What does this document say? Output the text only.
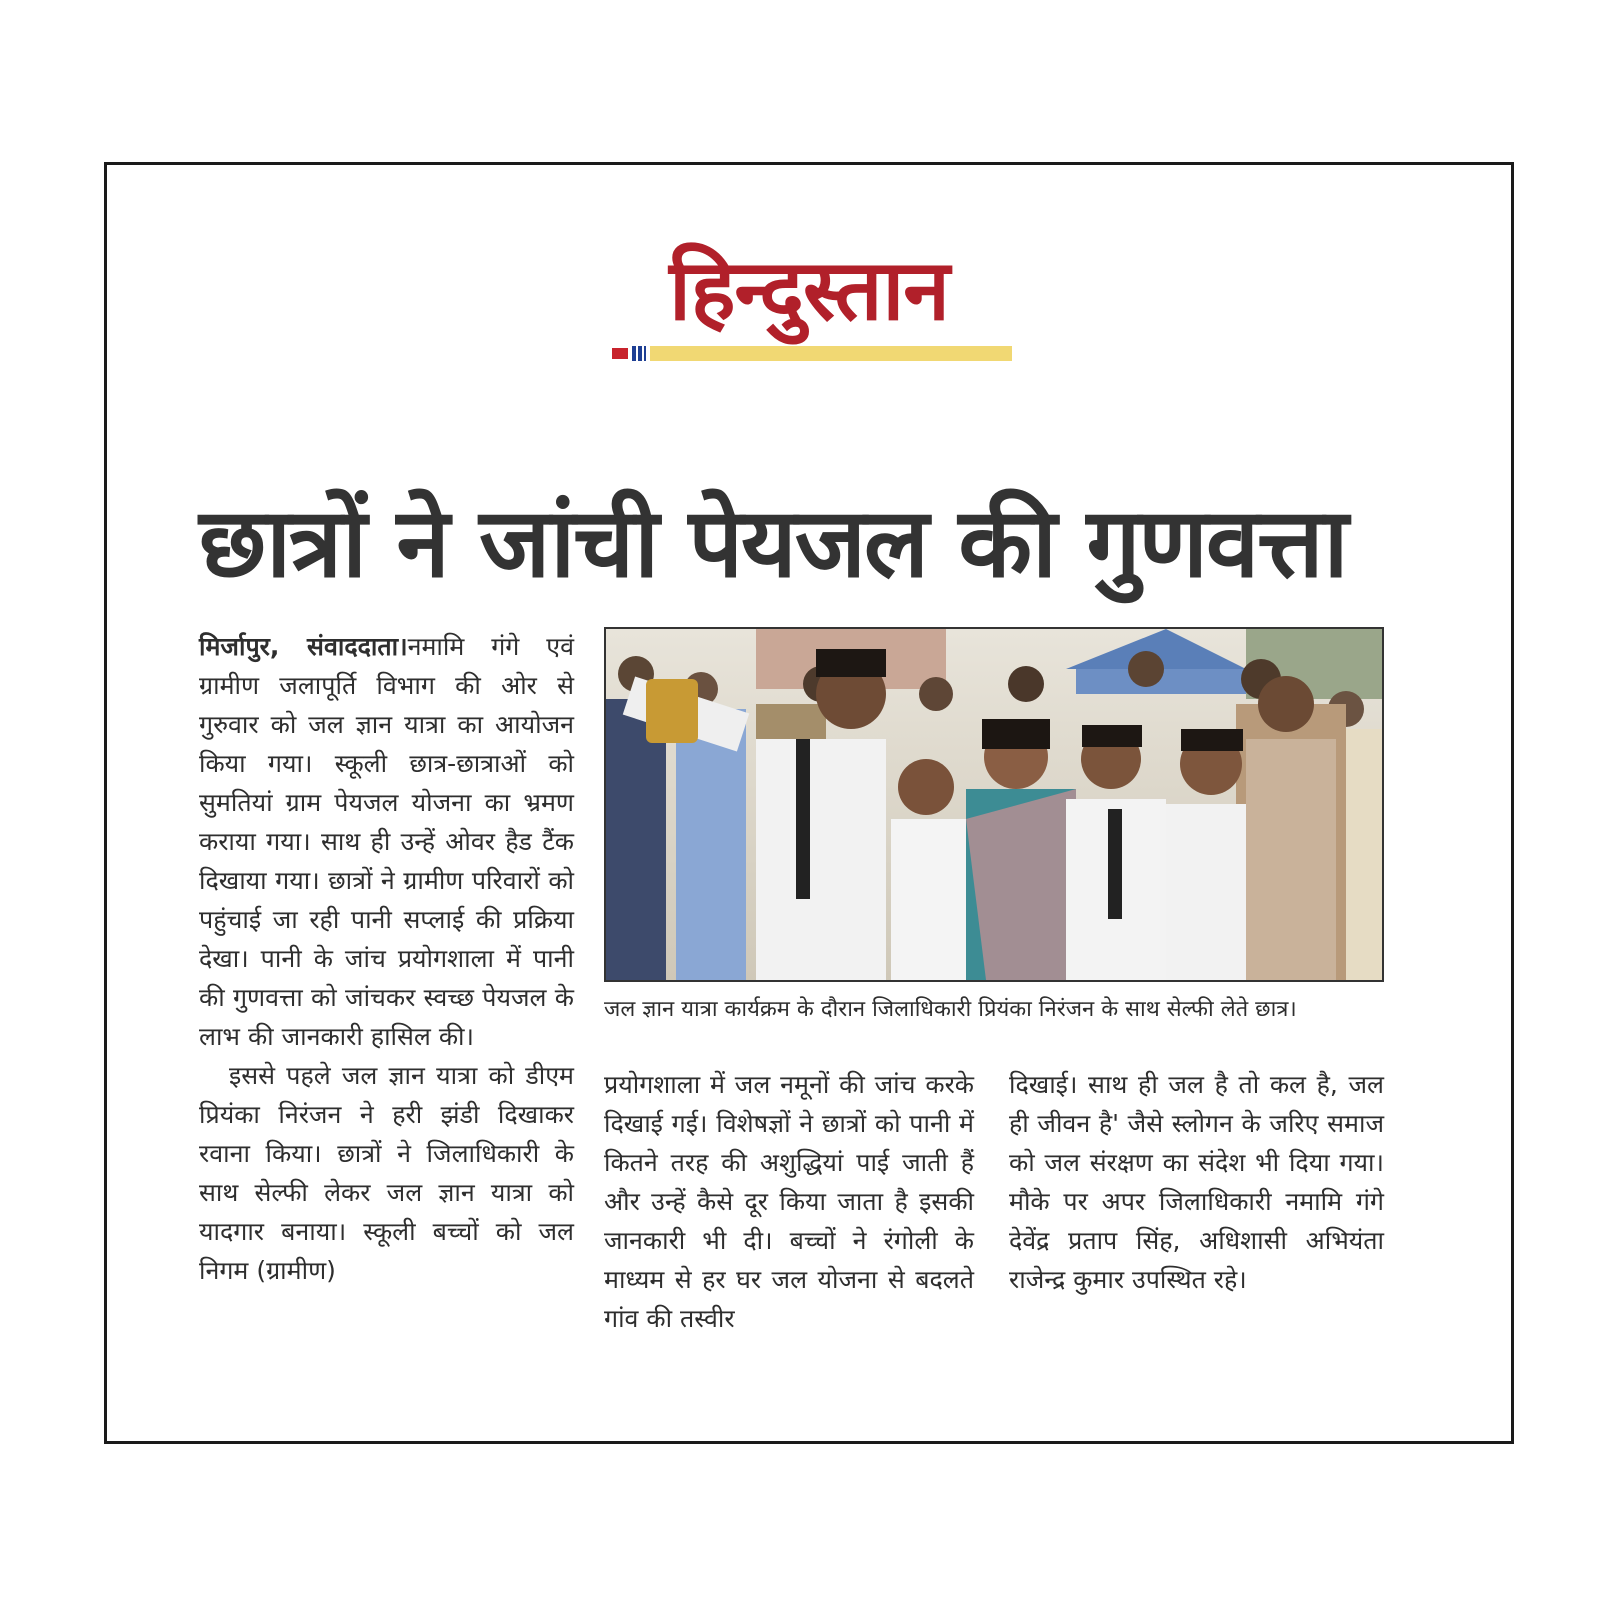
हिन्दुस्तान
छात्रों ने जांची पेयजल की गुणवत्ता

मिर्जापुर, संवाददाता।नमामि गंगे एवं ग्रामीण जलापूर्ति विभाग की ओर से गुरुवार को जल ज्ञान यात्रा का आयोजन किया गया। स्कूली छात्र-छात्राओं को सुमतियां ग्राम पेयजल योजना का भ्रमण कराया गया। साथ ही उन्हें ओवर हैड टैंक दिखाया गया। छात्रों ने ग्रामीण परिवारों को पहुंचाई जा रही पानी सप्लाई की प्रक्रिया देखा। पानी के जांच प्रयोगशाला में पानी की गुणवत्ता को जांचकर स्वच्छ पेयजल के लाभ की जानकारी हासिल की।

इससे पहले जल ज्ञान यात्रा को डीएम प्रियंका निरंजन ने हरी झंडी दिखाकर रवाना किया। छात्रों ने जिलाधिकारी के साथ सेल्फी लेकर जल ज्ञान यात्रा को यादगार बनाया। स्कूली बच्चों को जल निगम (ग्रामीण)

जल ज्ञान यात्रा कार्यक्रम के दौरान जिलाधिकारी प्रियंका निरंजन के साथ सेल्फी लेते छात्र।

प्रयोगशाला में जल नमूनों की जांच करके दिखाई गई। विशेषज्ञों ने छात्रों को पानी में कितने तरह की अशुद्धियां पाई जाती हैं और उन्हें कैसे दूर किया जाता है इसकी जानकारी भी दी। बच्चों ने रंगोली के माध्यम से हर घर जल योजना से बदलते गांव की तस्वीर

दिखाई। साथ ही जल है तो कल है, जल ही जीवन है' जैसे स्लोगन के जरिए समाज को जल संरक्षण का संदेश भी दिया गया। मौके पर अपर जिलाधिकारी नमामि गंगे देवेंद्र प्रताप सिंह, अधिशासी अभियंता राजेन्द्र कुमार उपस्थित रहे।
